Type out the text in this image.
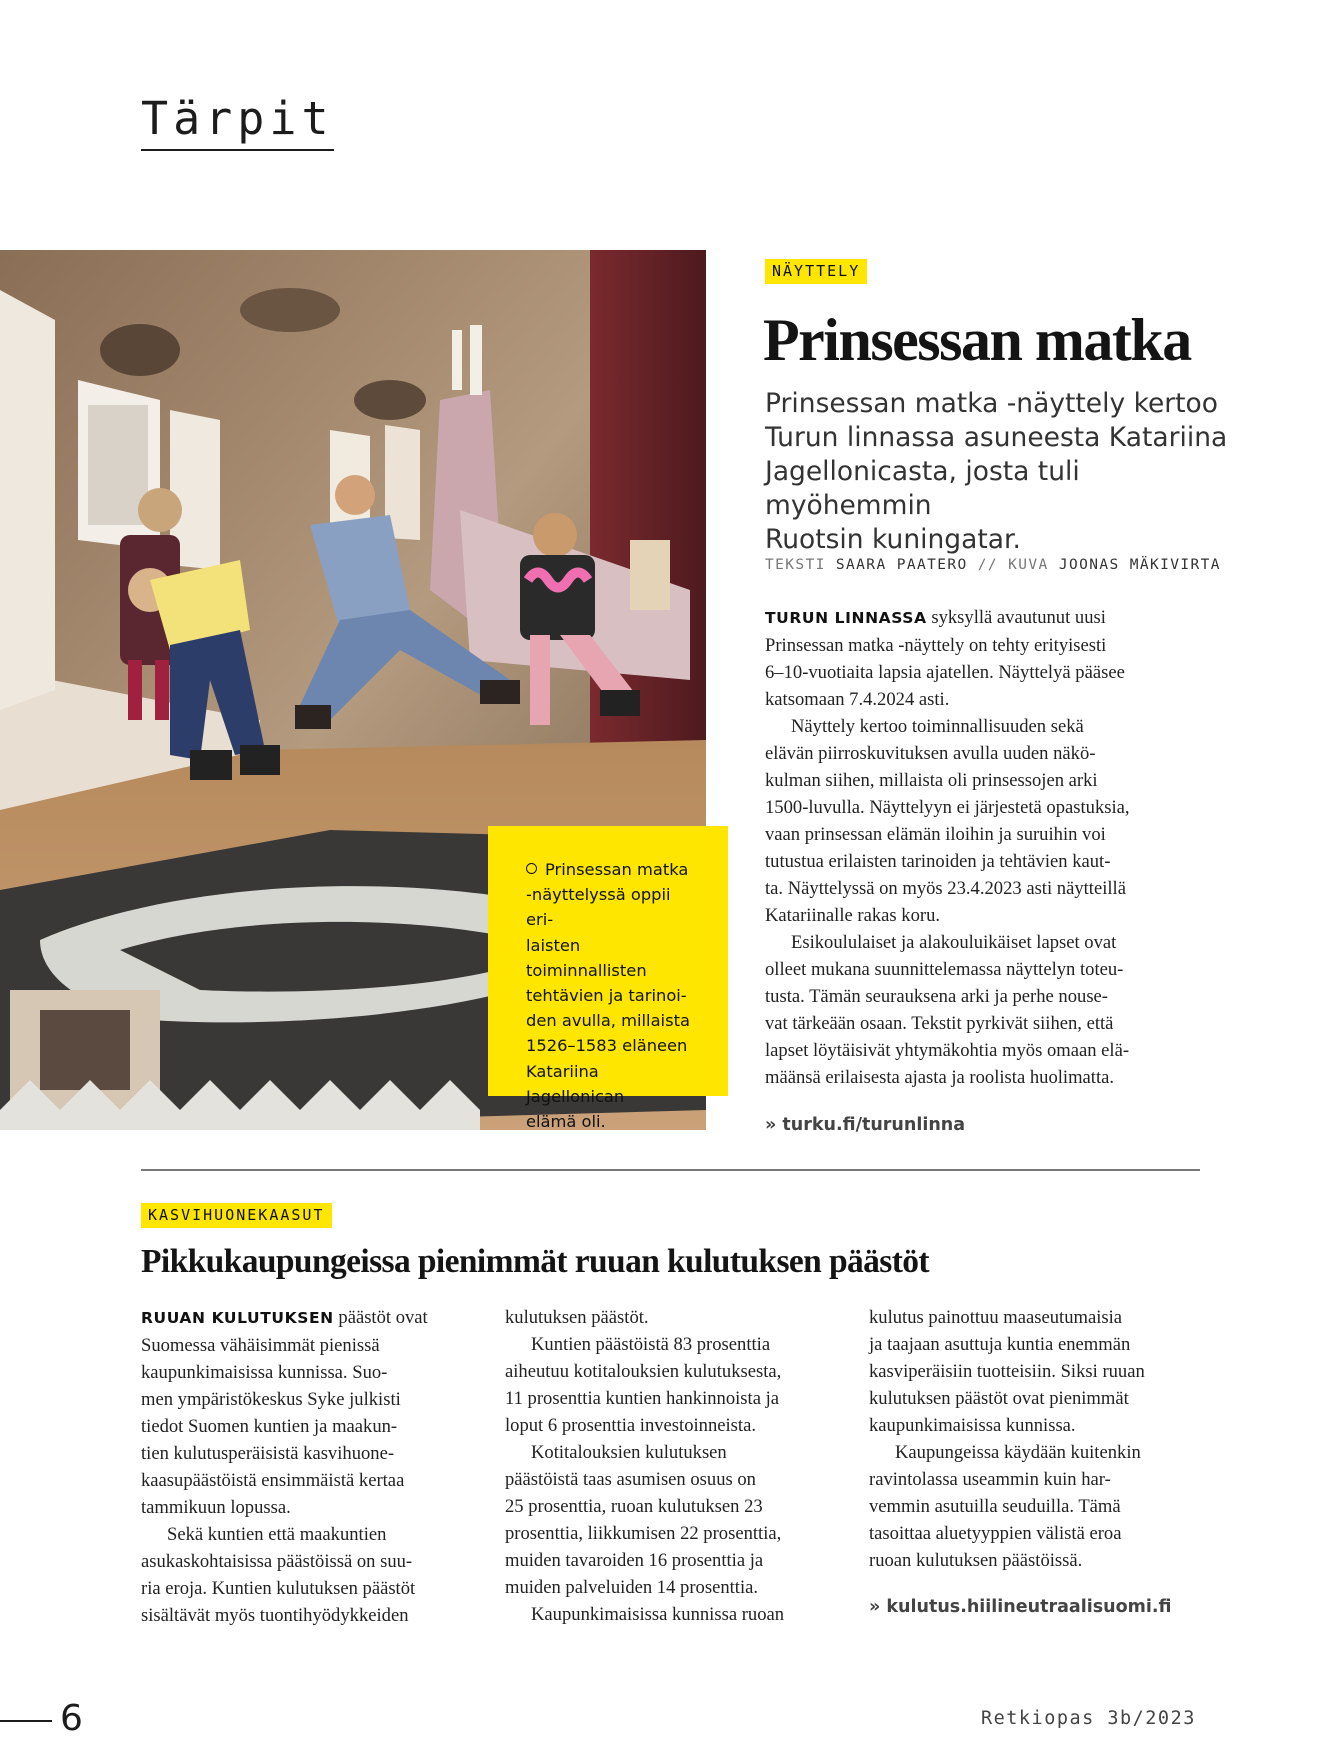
Tärpit
Prinsessan matka
-näyttelyssä oppii eri-
laisten toiminnallisten
tehtävien ja tarinoi-
den avulla, millaista
1526–1583 eläneen
Katariina Jagellonican
elämä oli.
NÄYTTELY
Prinsessan matka
Prinsessan matka -näyttely kertoo
Turun linnassa asuneesta Katariina
Jagellonicasta, josta tuli myöhemmin
Ruotsin kuningatar.
TEKSTI SAARA PAATERO // KUVA JOONAS MÄKIVIRTA

TURUN LINNASSA syksyllä avautunut uusi
Prinsessan matka -näyttely on tehty erityisesti
6–10-vuotiaita lapsia ajatellen. Näyttelyä pääsee
katsomaan 7.4.2024 asti.

Näyttely kertoo toiminnallisuuden sekä
elävän piirroskuvituksen avulla uuden näkö-
kulman siihen, millaista oli prinsessojen arki
1500-luvulla. Näyttelyyn ei järjestetä opastuksia,
vaan prinsessan elämän iloihin ja suruihin voi
tutustua erilaisten tarinoiden ja tehtävien kaut-
ta. Näyttelyssä on myös 23.4.2023 asti näytteillä
Katariinalle rakas koru.

Esikoululaiset ja alakouluikäiset lapset ovat
olleet mukana suunnittelemassa näyttelyn toteu-
tusta. Tämän seurauksena arki ja perhe nouse-
vat tärkeään osaan. Tekstit pyrkivät siihen, että
lapset löytäisivät yhtymäkohtia myös omaan elä-
määnsä erilaisesta ajasta ja roolista huolimatta.

» turku.fi/turunlinna
KASVIHUONEKAASUT
Pikkukaupungeissa pienimmät ruuan kulutuksen päästöt

RUUAN KULUTUKSEN päästöt ovat
Suomessa vähäisimmät pienissä
kaupunkimaisissa kunnissa. Suo-
men ympäristökeskus Syke julkisti
tiedot Suomen kuntien ja maakun-
tien kulutusperäisistä kasvihuone-
kaasupäästöistä ensimmäistä kertaa
tammikuun lopussa.

Sekä kuntien että maakuntien
asukaskohtaisissa päästöissä on suu-
ria eroja. Kuntien kulutuksen päästöt
sisältävät myös tuontihyödykkeiden

kulutuksen päästöt.

Kuntien päästöistä 83 prosenttia
aiheutuu kotitalouksien kulutuksesta,
11 prosenttia kuntien hankinnoista ja
loput 6 prosenttia investoinneista.

Kotitalouksien kulutuksen
päästöistä taas asumisen osuus on
25 prosenttia, ruoan kulutuksen 23
prosenttia, liikkumisen 22 prosenttia,
muiden tavaroiden 16 prosenttia ja
muiden palveluiden 14 prosenttia.

Kaupunkimaisissa kunnissa ruoan

kulutus painottuu maaseutumaisia
ja taajaan asuttuja kuntia enemmän
kasviperäisiin tuotteisiin. Siksi ruuan
kulutuksen päästöt ovat pienimmät
kaupunkimaisissa kunnissa.

Kaupungeissa käydään kuitenkin
ravintolassa useammin kuin har-
vemmin asutuilla seuduilla. Tämä
tasoittaa aluetyyppien välistä eroa
ruoan kulutuksen päästöissä.

» kulutus.hiilineutraalisuomi.fi
6	Retkiopas 3b/2023
